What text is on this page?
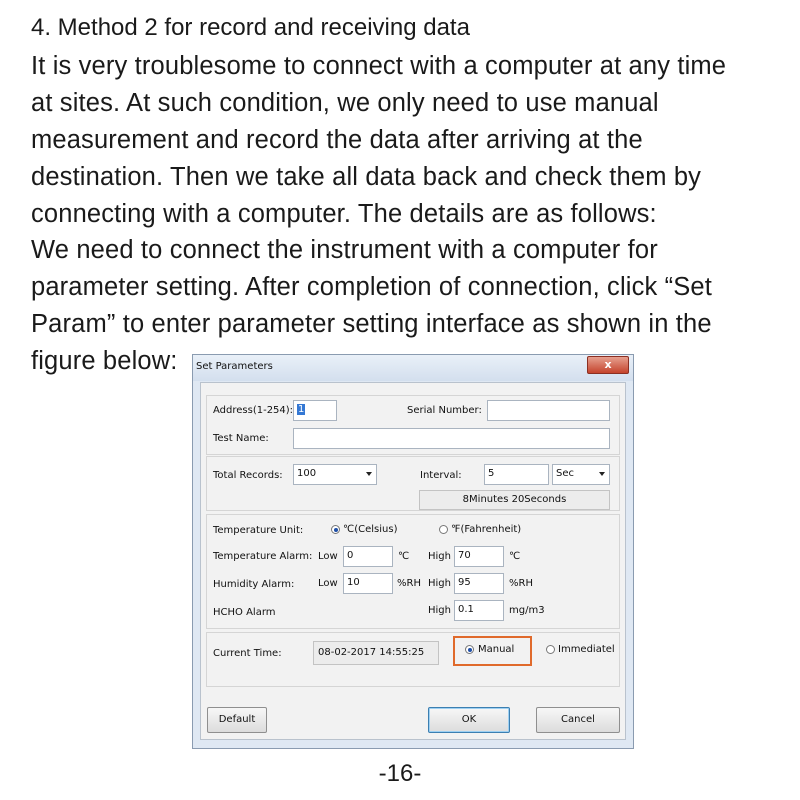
4. Method 2 for record and receiving data
It is very troublesome to connect with a computer at any time
at sites. At such condition, we only need to use manual
measurement and record the data after arriving at the
destination. Then we take all data back and check them by
connecting with a computer. The details are as follows:
We need to connect the instrument with a computer for
parameter setting. After completion of connection, click “Set
Param” to enter parameter setting interface as shown in the
figure below: Set Parameters	x
Address(1-254): 1	Serial Number:
Test Name:
Total Records:	100	Interval:	5	Sec
8Minutes 20Seconds
Temperature Unit:	℃(Celsius)	℉(Fahrenheit)
Temperature Alarm: Low 0	℃ High 70	℃
Humidity Alarm: Low 10	%RH High 95	%RH
HCHO Alarm	High 0.1	mg/m3
Current Time:	08-02-2017 14:55:25	Manual	Immediatel
Default	OK	Cancel
-16-
